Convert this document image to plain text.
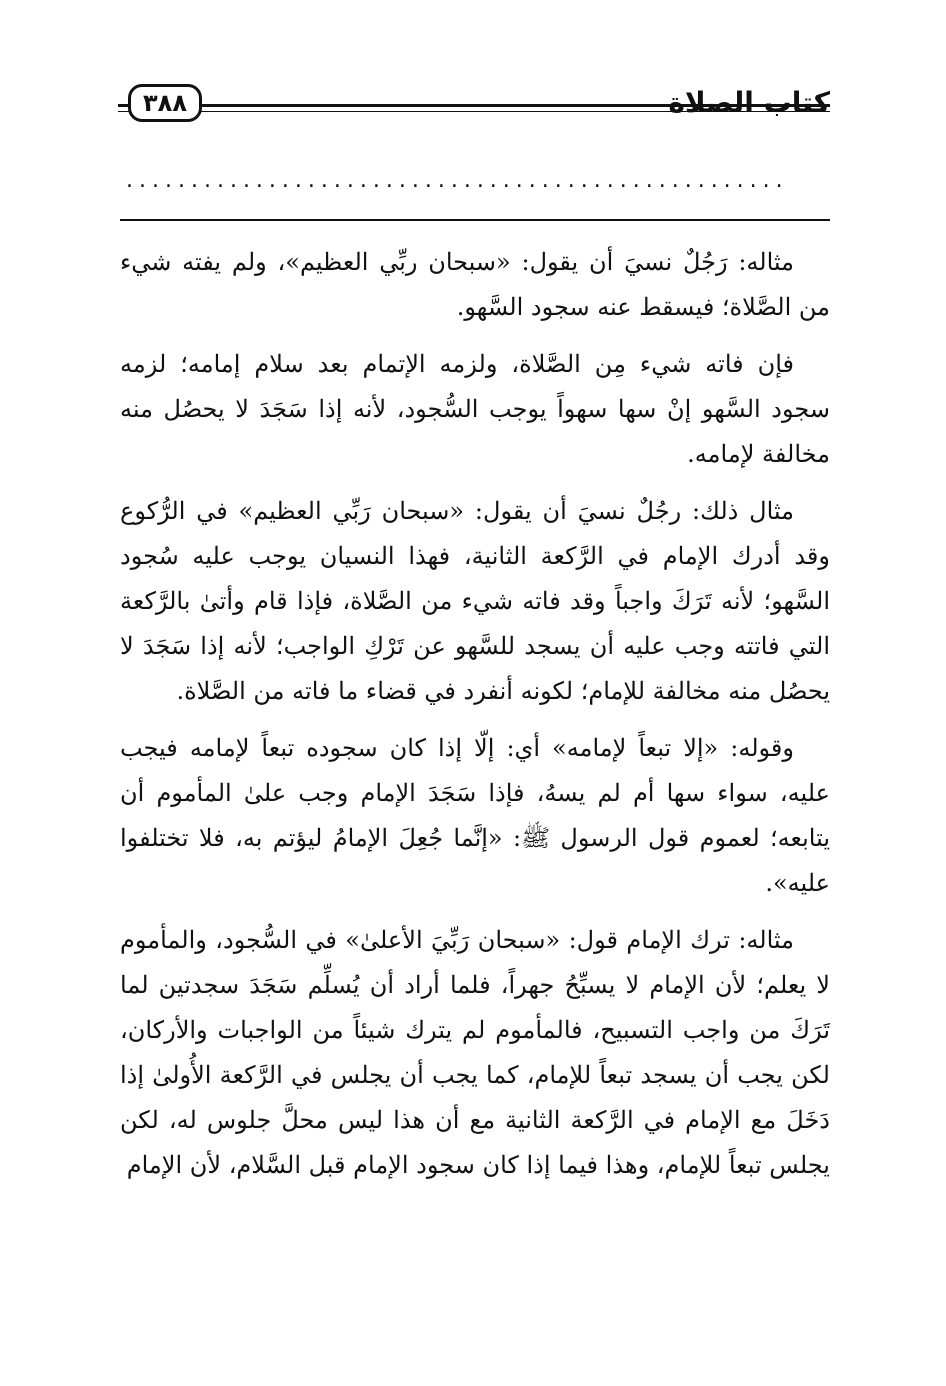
٣٨٨	كتاب الصلاة
...................................................

مثاله: رَجُلٌ نسيَ أن يقول: «سبحان ربِّي العظيم»، ولم يفته شيء من الصَّلاة؛ فيسقط عنه سجود السَّهو.

فإن فاته شيء مِن الصَّلاة، ولزمه الإتمام بعد سلام إمامه؛ لزمه سجود السَّهو إنْ سها سهواً يوجب السُّجود، لأنه إذا سَجَدَ لا يحصُل منه مخالفة لإمامه.

مثال ذلك: رجُلٌ نسيَ أن يقول: «سبحان رَبِّي العظيم» في الرُّكوع وقد أدرك الإمام في الرَّكعة الثانية، فهذا النسيان يوجب عليه سُجود السَّهو؛ لأنه تَرَكَ واجباً وقد فاته شيء من الصَّلاة، فإذا قام وأتىٰ بالرَّكعة التي فاتته وجب عليه أن يسجد للسَّهو عن تَرْكِ الواجب؛ لأنه إذا سَجَدَ لا يحصُل منه مخالفة للإمام؛ لكونه أنفرد في قضاء ما فاته من الصَّلاة.

وقوله: «إلا تبعاً لإمامه» أي: إلّا إذا كان سجوده تبعاً لإمامه فيجب عليه، سواء سها أم لم يسهُ، فإذا سَجَدَ الإمام وجب علىٰ المأموم أن يتابعه؛ لعموم قول الرسول ﷺ: «إنَّما جُعِلَ الإمامُ ليؤتم به، فلا تختلفوا عليه».

مثاله: ترك الإمام قول: «سبحان رَبِّيَ الأعلىٰ» في السُّجود، والمأموم لا يعلم؛ لأن الإمام لا يسبِّحُ جهراً، فلما أراد أن يُسلِّم سَجَدَ سجدتين لما تَرَكَ من واجب التسبيح، فالمأموم لم يترك شيئاً من الواجبات والأركان، لكن يجب أن يسجد تبعاً للإمام، كما يجب أن يجلس في الرَّكعة الأُولىٰ إذا دَخَلَ مع الإمام في الرَّكعة الثانية مع أن هذا ليس محلَّ جلوس له، لكن يجلس تبعاً للإمام، وهذا فيما إذا كان سجود الإمام قبل السَّلام، لأن الإمام
